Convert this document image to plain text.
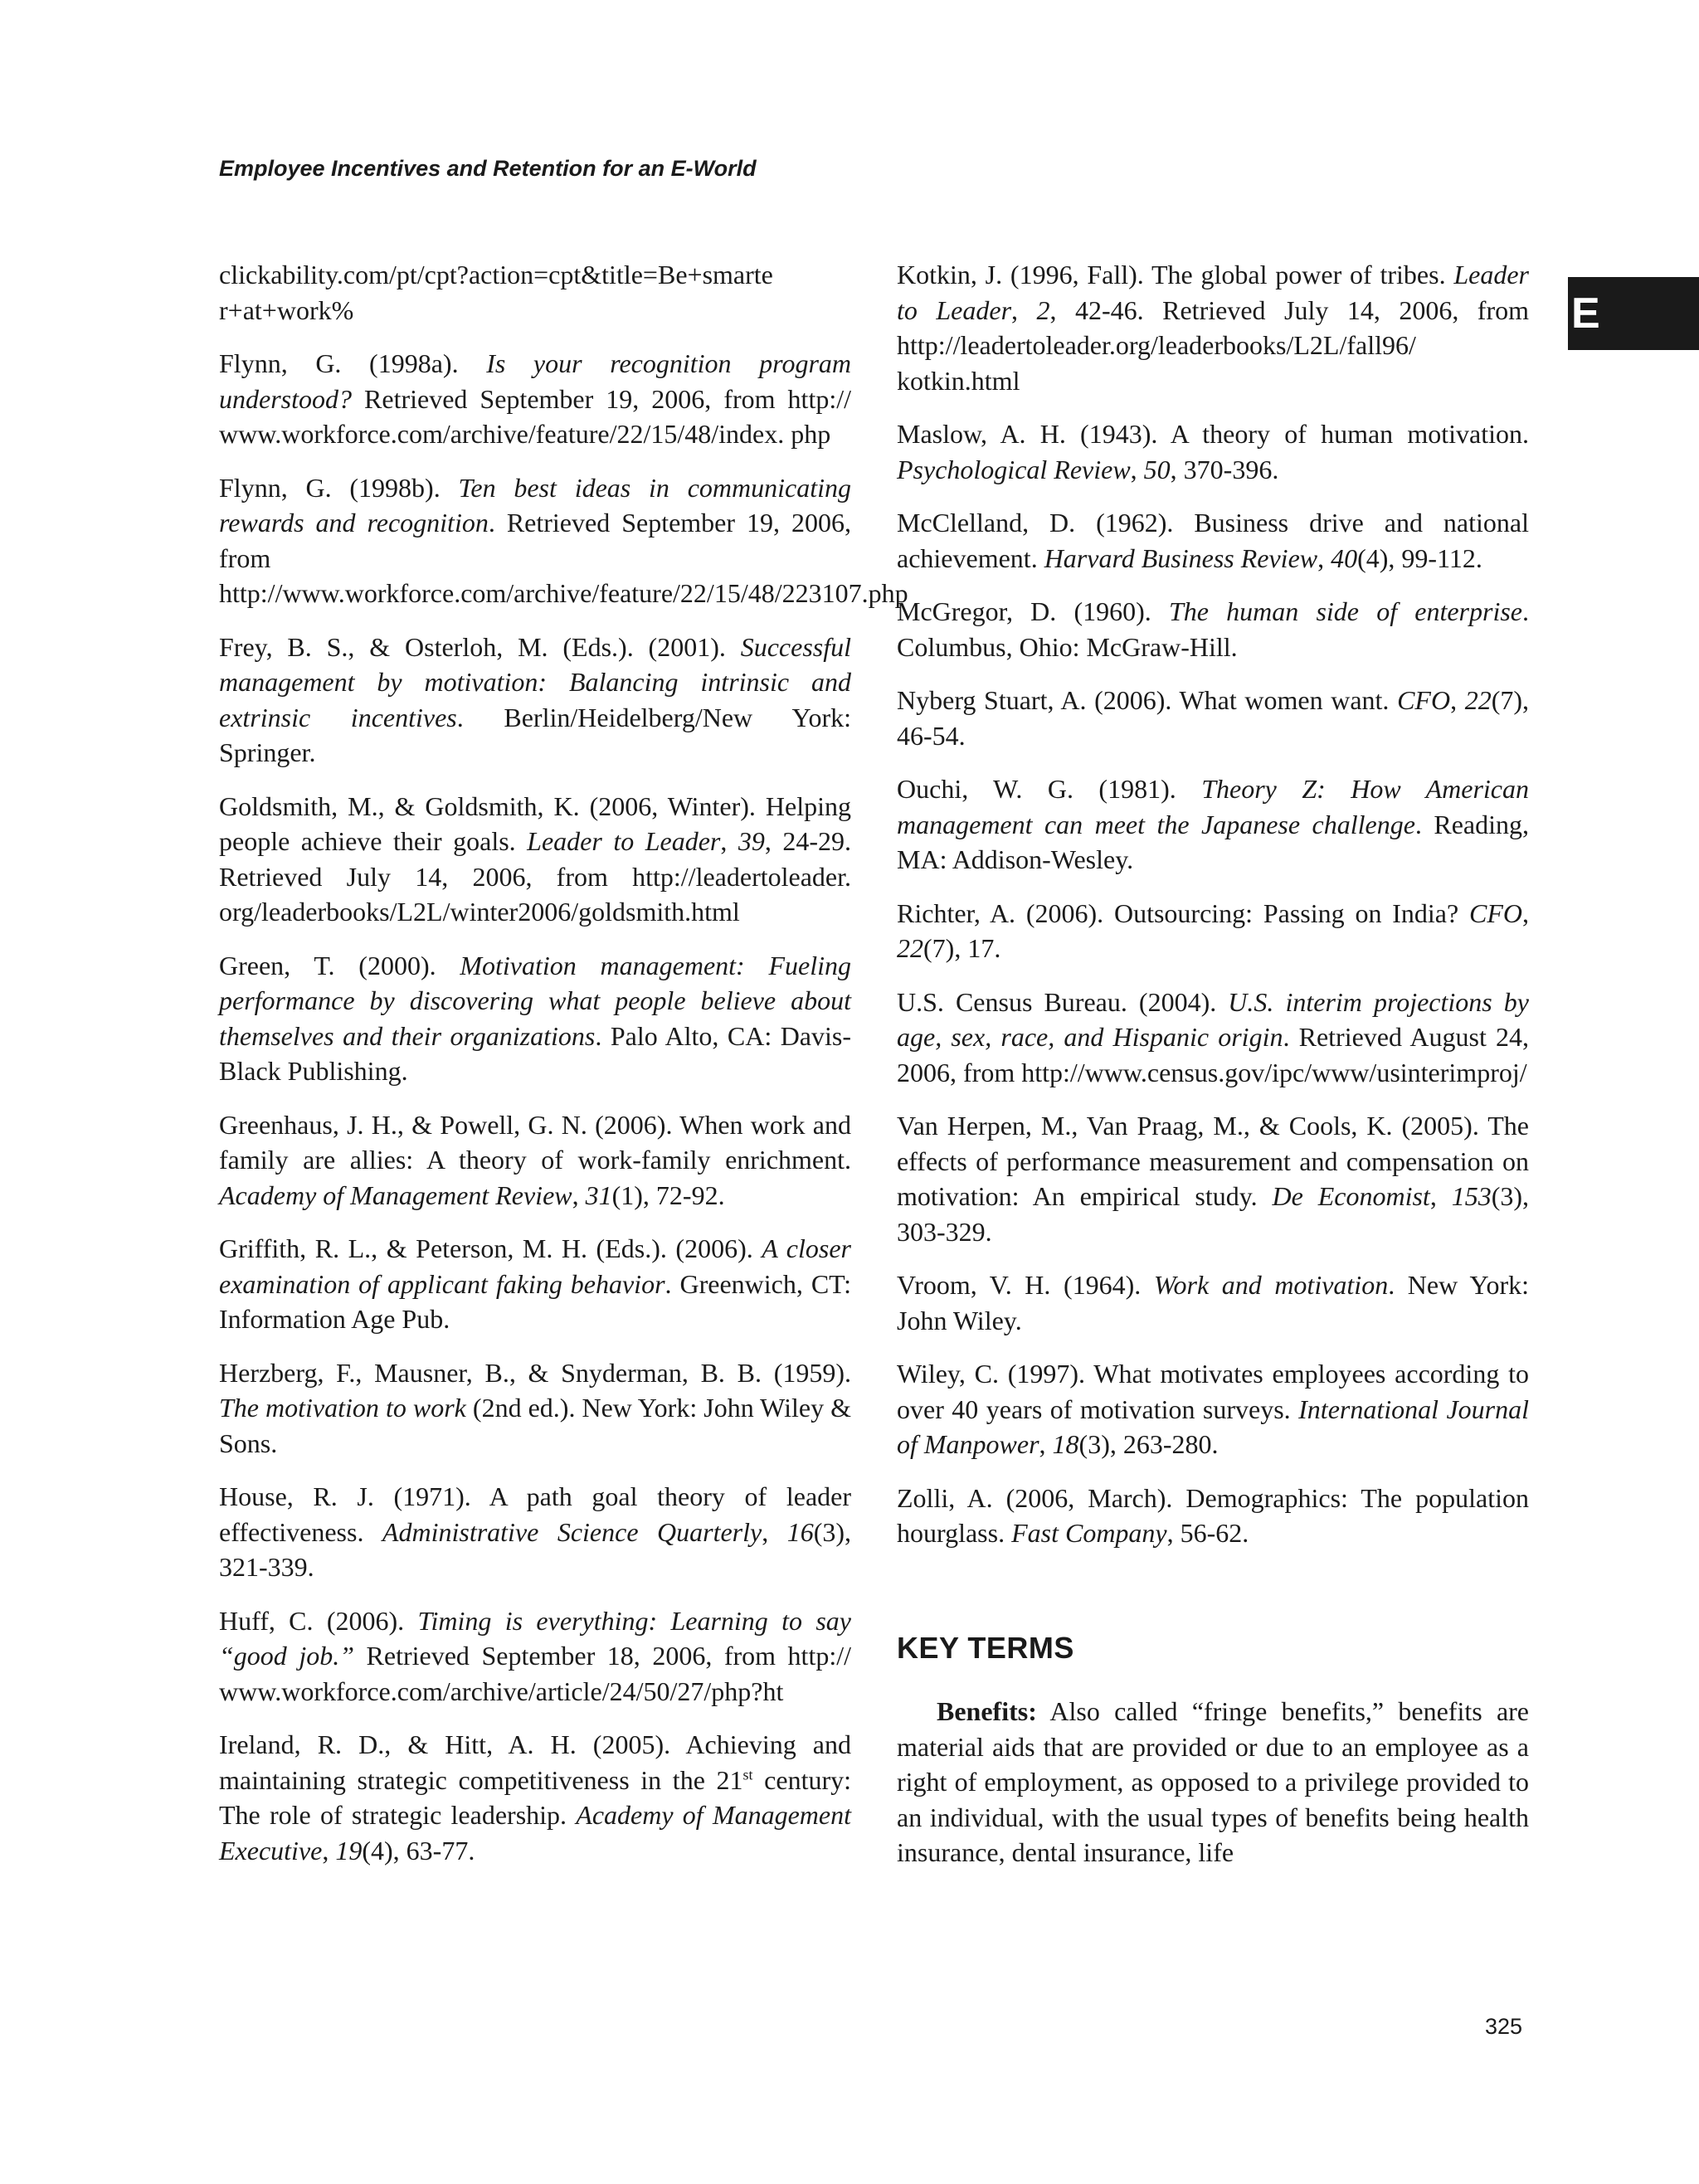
Employee Incentives and Retention for an E-World
E

clickability.com/pt/cpt?action=cpt&title=Be+smarte r+at+work%

Flynn, G. (1998a). Is your recognition program understood? Retrieved September 19, 2006, from http:// www.workforce.com/archive/feature/22/15/48/index. php

Flynn, G. (1998b). Ten best ideas in communicating rewards and recognition. Retrieved September 19, 2006, from http://www.workforce.com/archive/feature/22/15/48/223107.php

Frey, B. S., & Osterloh, M. (Eds.). (2001). Successful management by motivation: Balancing intrinsic and extrinsic incentives. Berlin/Heidelberg/New York: Springer.

Goldsmith, M., & Goldsmith, K. (2006, Winter). Helping people achieve their goals. Leader to Leader, 39, 24-29. Retrieved July 14, 2006, from http://leadertoleader. org/leaderbooks/L2L/winter2006/goldsmith.html

Green, T. (2000). Motivation management: Fueling performance by discovering what people believe about themselves and their organizations. Palo Alto, CA: Davis-Black Publishing.

Greenhaus, J. H., & Powell, G. N. (2006). When work and family are allies: A theory of work-family enrichment. Academy of Management Review, 31(1), 72-92.

Griffith, R. L., & Peterson, M. H. (Eds.). (2006). A closer examination of applicant faking behavior. Greenwich, CT: Information Age Pub.

Herzberg, F., Mausner, B., & Snyderman, B. B. (1959). The motivation to work (2nd ed.). New York: John Wiley & Sons.

House, R. J. (1971). A path goal theory of leader effectiveness. Administrative Science Quarterly, 16(3), 321-339.

Huff, C. (2006). Timing is everything: Learning to say “good job.” Retrieved September 18, 2006, from http:// www.workforce.com/archive/article/24/50/27/php?ht

Ireland, R. D., & Hitt, A. H. (2005). Achieving and maintaining strategic competitiveness in the 21st century: The role of strategic leadership. Academy of Management Executive, 19(4), 63-77.

Kotkin, J. (1996, Fall). The global power of tribes. Leader to Leader, 2, 42-46. Retrieved July 14, 2006, from http://leadertoleader.org/leaderbooks/L2L/fall96/ kotkin.html

Maslow, A. H. (1943). A theory of human motivation. Psychological Review, 50, 370-396.

McClelland, D. (1962). Business drive and national achievement. Harvard Business Review, 40(4), 99-112.

McGregor, D. (1960). The human side of enterprise. Columbus, Ohio: McGraw-Hill.

Nyberg Stuart, A. (2006). What women want. CFO, 22(7), 46-54.

Ouchi, W. G. (1981). Theory Z: How American management can meet the Japanese challenge. Reading, MA: Addison-Wesley.

Richter, A. (2006). Outsourcing: Passing on India? CFO, 22(7), 17.

U.S. Census Bureau. (2004). U.S. interim projections by age, sex, race, and Hispanic origin. Retrieved August 24, 2006, from http://www.census.gov/ipc/www/usinterimproj/

Van Herpen, M., Van Praag, M., & Cools, K. (2005). The effects of performance measurement and compensation on motivation: An empirical study. De Economist, 153(3), 303-329.

Vroom, V. H. (1964). Work and motivation. New York: John Wiley.

Wiley, C. (1997). What motivates employees according to over 40 years of motivation surveys. International Journal of Manpower, 18(3), 263-280.

Zolli, A. (2006, March). Demographics: The population hourglass. Fast Company, 56-62.

KEY TERMS

Benefits: Also called “fringe benefits,” benefits are material aids that are provided or due to an employee as a right of employment, as opposed to a privilege provided to an individual, with the usual types of benefits being health insurance, dental insurance, life

325
